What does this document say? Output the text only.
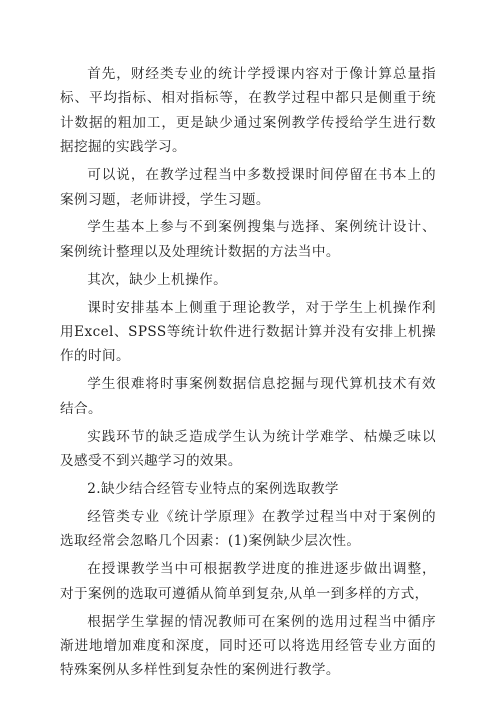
首先，财经类专业的统计学授课内容对于像计算总量指标、平均指标、相对指标等，在教学过程中都只是侧重于统计数据的粗加工，更是缺少通过案例教学传授给学生进行数据挖掘的实践学习。

可以说，在教学过程当中多数授课时间停留在书本上的案例习题，老师讲授，学生习题。

学生基本上参与不到案例搜集与选择、案例统计设计、案例统计整理以及处理统计数据的方法当中。

其次，缺少上机操作。

课时安排基本上侧重于理论教学，对于学生上机操作利用Excel、SPSS等统计软件进行数据计算并没有安排上机操作的时间。

学生很难将时事案例数据信息挖掘与现代算机技术有效结合。

实践环节的缺乏造成学生认为统计学难学、枯燥乏味以及感受不到兴趣学习的效果。

2.缺少结合经管专业特点的案例选取教学

经管类专业《统计学原理》在教学过程当中对于案例的选取经常会忽略几个因素：(1)案例缺少层次性。

在授课教学当中可根据教学进度的推进逐步做出调整，对于案例的选取可遵循从简单到复杂,从单一到多样的方式，

根据学生掌握的情况教师可在案例的选用过程当中循序渐进地增加难度和深度，同时还可以将选用经管专业方面的特殊案例从多样性到复杂性的案例进行教学。
